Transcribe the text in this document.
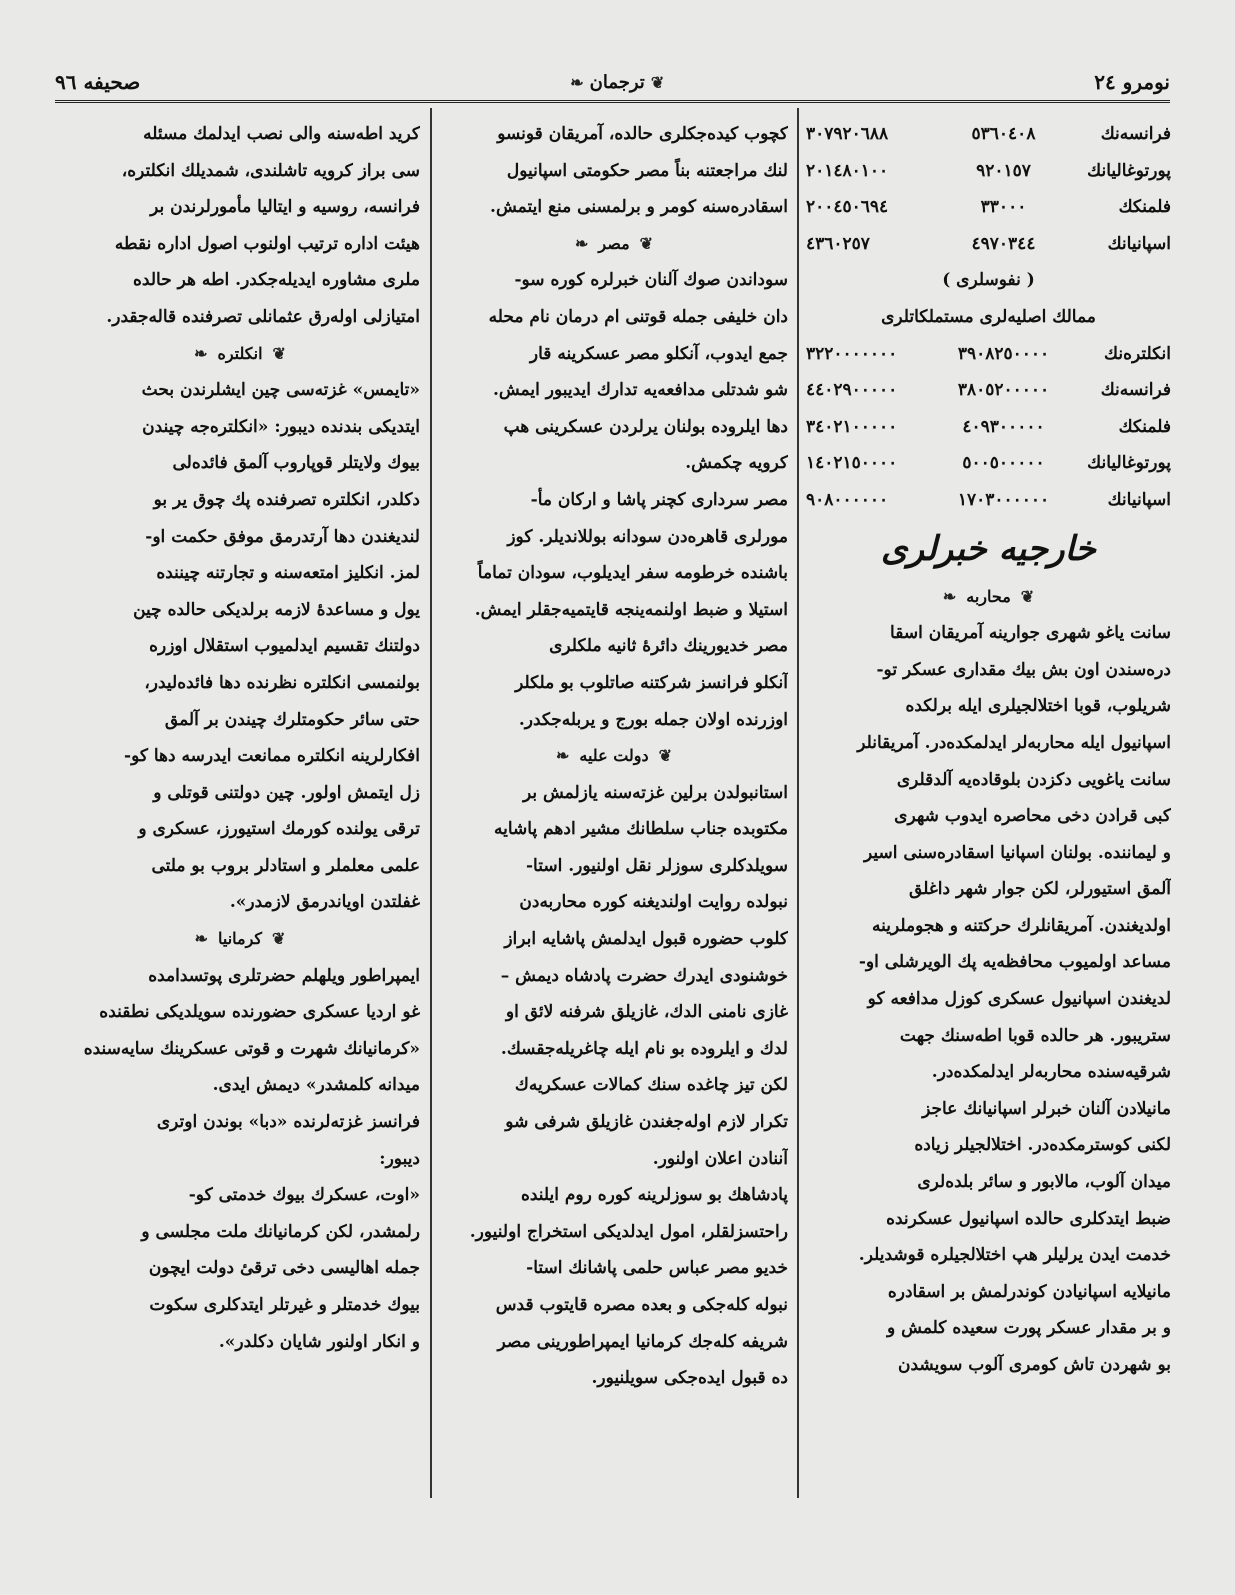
نومرو ٢٤
❦
ترجمان
❧
صحیفه ٩٦
فرانسه‌نك
٥٣٦٠٤٠٨
٣٠٧٩٢٠٦٨٨
پورتوغالیانك
٩٢٠١٥٧
٢٠١٤٨٠١٠٠
فلمنكك
٣٣٠٠٠
٢٠٠٤٥٠٦٩٤
اسپانیانك
٤٩٧٠٣٤٤
٤٣٦٠٢٥٧
( نفوسلری )
ممالك اصلیه‌لری مستملكاتلری
انكلتره‌نك
٣٩٠٨٢٥٠٠٠٠
٣٢٢٠٠٠٠٠٠٠
فرانسه‌نك
٣٨٠٥٢٠٠٠٠٠
٤٤٠٢٩٠٠٠٠٠
فلمنكك
٤٠٩٣٠٠٠٠٠
٣٤٠٢١٠٠٠٠٠
پورتوغالیانك
٥٠٠٥٠٠٠٠٠
١٤٠٢١٥٠٠٠٠
اسپانیانك
١٧٠٣٠٠٠٠٠٠
٩٠٨٠٠٠٠٠٠
خارجیه خبرلری
❦
محاربه
❧
سانت یاغو شهری جوارینه آمریقان اسقا
دره‌سندن اون بش بیك مقداری عسكر تو-
شریلوب، قوبا اختلالجیلری ایله برلكده
اسپانیول ایله محاربه‌لر ایدلمكده‌در. آمریقانلر
سانت یاغویی دكزدن بلوقاده‌یه آلدقلری
كبی قرادن دخی محاصره ایدوب شهری
و لیماننده. بولنان اسپانیا اسقادره‌سنی اسیر
آلمق استیورلر، لكن جوار شهر داغلق
اولدیغندن. آمریقانلرك حركتنه و هجوملرینه
مساعد اولمیوب محافظه‌یه پك الویرشلی او-
لدیغندن اسپانیول عسكری كوزل مدافعه كو
ستریبور. هر حالده قوبا اطه‌سنك جهت
شرقیه‌سنده محاربه‌لر ایدلمكده‌در.
مانیلادن آلنان خبرلر اسپانیانك عاجز
لكنی كوسترمكده‌در. اختلالجیلر زیاده
میدان آلوب، مالابور و سائر بلده‌لری
ضبط ایتدكلری حالده اسپانیول عسكرنده
خدمت ایدن یرلیلر هپ اختلالجیلره قوشدیلر.
مانیلایه اسپانیادن كوندرلمش بر اسقادره
و بر مقدار عسكر پورت سعیده كلمش و
بو شهردن تاش كومری آلوب سویشدن
كچوب كیده‌جكلری حالده، آمریقان قونسو
لنك مراجعتنه بناً مصر حكومتی اسپانیول
اسقادره‌سنه كومر و برلمسنی منع ایتمش.
❦
مصر
❧
سوداندن صوك آلنان خبرلره كوره سو-
دان خلیفی جمله قوتنی ام درمان نام محله
جمع ایدوب، آنكلو مصر عسكرینه قار
شو شدتلی مدافعه‌یه تدارك ایدیبور ایمش.
دها ایلروده بولنان یرلردن عسكرینی هپ
كرویه چكمش.
مصر سرداری كچنر پاشا و اركان مأ-
مورلری قاهره‌دن سودانه بوللاندیلر. كوز
باشنده خرطومه سفر ایدیلوب، سودان تماماً
استیلا و ضبط اولنمه‌ینجه قایتمیه‌جقلر ایمش.
مصر خدیورینك دائرهٔ ثانیه ملكلری
آنكلو فرانسز شركتنه صاتلوب بو ملكلر
اوزرنده اولان جمله بورج و یربله‌جكدر.
❦
دولت علیه
❧
استانبولدن برلین غزته‌سنه یازلمش بر
مكتوبده جناب سلطانك مشیر ادهم پاشایه
سویلدكلری سوزلر نقل اولنیور. استا-
نبولده روایت اولندیغنه كوره محاربه‌دن
كلوب حضوره قبول ایدلمش پاشایه ابراز
خوشنودی ایدرك حضرت پادشاه دیمش –
غازی نامنی الدك، غازیلق شرفنه لائق او
لدك و ایلروده بو نام ایله چاغریله‌جقسك.
لكن تیز چاغده سنك كمالات عسكریه‌ك
تكرار لازم اوله‌جغندن غازیلق شرفی شو
آننادن اعلان اولنور.
پادشاهك بو سوزلرینه كوره روم ایلنده
راحتسزلقلر، امول ایدلدیكی استخراج اولنیور.
خدیو مصر عباس حلمی پاشانك استا-
نبوله كله‌جكی و بعده مصره قایتوب قدس
شریفه كله‌جك كرمانیا ایمپراطورینی مصر
ده قبول ایده‌جكی سویلنیور.
كرید اطه‌سنه والی نصب ایدلمك مسئله
سی براز كرویه تاشلندی، شمدیلك انكلتره،
فرانسه، روسیه و ایتالیا مأمورلرندن بر
هیئت اداره ترتیب اولنوب اصول اداره نقطه
ملری مشاوره ایدیله‌جكدر. اطه هر حالده
امتیازلی اوله‌رق عثمانلی تصرفنده قاله‌جقدر.
❦
انكلتره
❧
«تایمس» غزته‌سی چین ایشلرندن بحث
ایتدیكی بندنده دیبور: «انكلتره‌جه چیندن
بیوك ولایتلر قوپاروب آلمق فائده‌لی
دكلدر، انكلتره تصرفنده پك چوق یر بو
لندیغندن دها آرتدرمق موفق حكمت او-
لمز. انكلیز امتعه‌سنه و تجارتنه چیننده
یول و مساعدهٔ لازمه برلدیكی حالده چین
دولتنك تقسیم ایدلمیوب استقلال اوزره
بولنمسی انكلتره نظرنده دها فائده‌لیدر،
حتی سائر حكومتلرك چیندن بر آلمق
افكارلرینه انكلتره ممانعت ایدرسه دها كو-
زل ایتمش اولور. چین دولتنی قوتلی و
ترقی یولنده كورمك استیورز، عسكری و
علمی معلملر و استادلر بروب بو ملتی
غفلتدن اویاندرمق لازمدر».
❦
كرمانیا
❧
ایمپراطور ویلهلم حضرتلری پوتسدامده
غو اردیا عسكری حضورنده سویلدیكی نطقنده
«كرمانیانك شهرت و قوتی عسكرینك سایه‌سنده
میدانه كلمشدر» دیمش ایدی.
فرانسز غزته‌لرنده «دبا» بوندن اوتری
دیبور:
«اوت، عسكرك بیوك خدمتی كو-
رلمشدر، لكن كرمانیانك ملت مجلسی و
جمله اهالیسی دخی ترقیٔ دولت ایچون
بیوك خدمتلر و غیرتلر ایتدكلری سكوت
و انكار اولنور شایان دكلدر».
